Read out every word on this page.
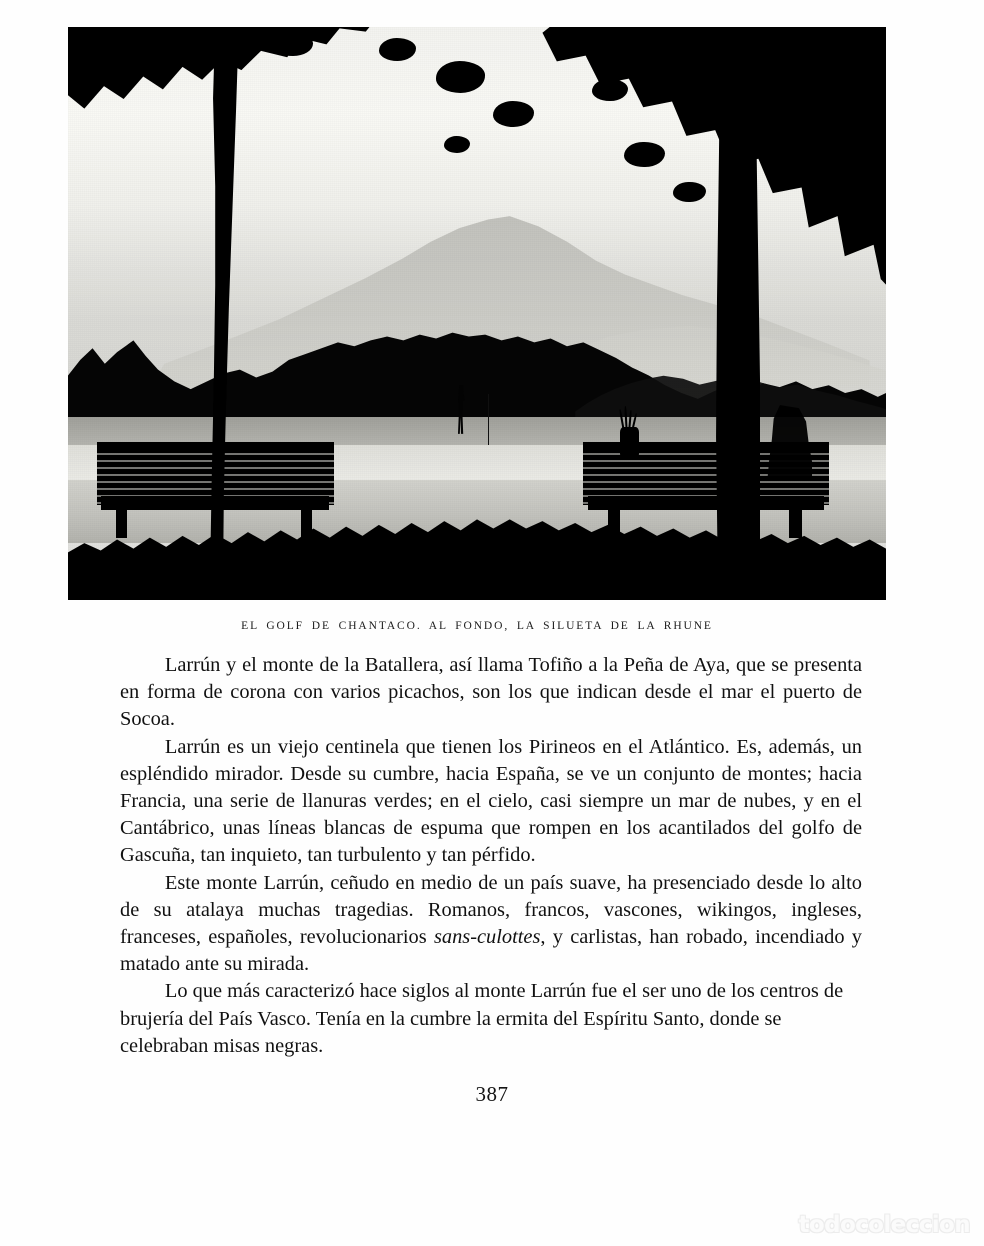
EL GOLF DE CHANTACO. AL FONDO, LA SILUETA DE LA RHUNE

Larrún y el monte de la Batallera, así llama Tofiño a la Peña de Aya, que se presenta en forma de corona con varios picachos, son los que indican desde el mar el puerto de Socoa.

Larrún es un viejo centinela que tienen los Pirineos en el Atlántico. Es, además, un espléndido mirador. Desde su cumbre, hacia España, se ve un conjunto de montes; hacia Francia, una serie de llanuras verdes; en el cielo, casi siempre un mar de nubes, y en el Cantábrico, unas líneas blancas de espuma que rompen en los acantilados del golfo de Gascuña, tan inquieto, tan turbulento y tan pérfido.

Este monte Larrún, ceñudo en medio de un país suave, ha presenciado desde lo alto de su atalaya muchas tragedias. Romanos, francos, vascones, wikingos, ingleses, franceses, españoles, revolucionarios sans-culottes, y carlistas, han robado, incendiado y matado ante su mirada.

Lo que más caracterizó hace siglos al monte Larrún fue el ser uno de los centros de brujería del País Vasco. Tenía en la cumbre la ermita del Espíritu Santo, donde se celebraban misas negras.

387
todocoleccion
